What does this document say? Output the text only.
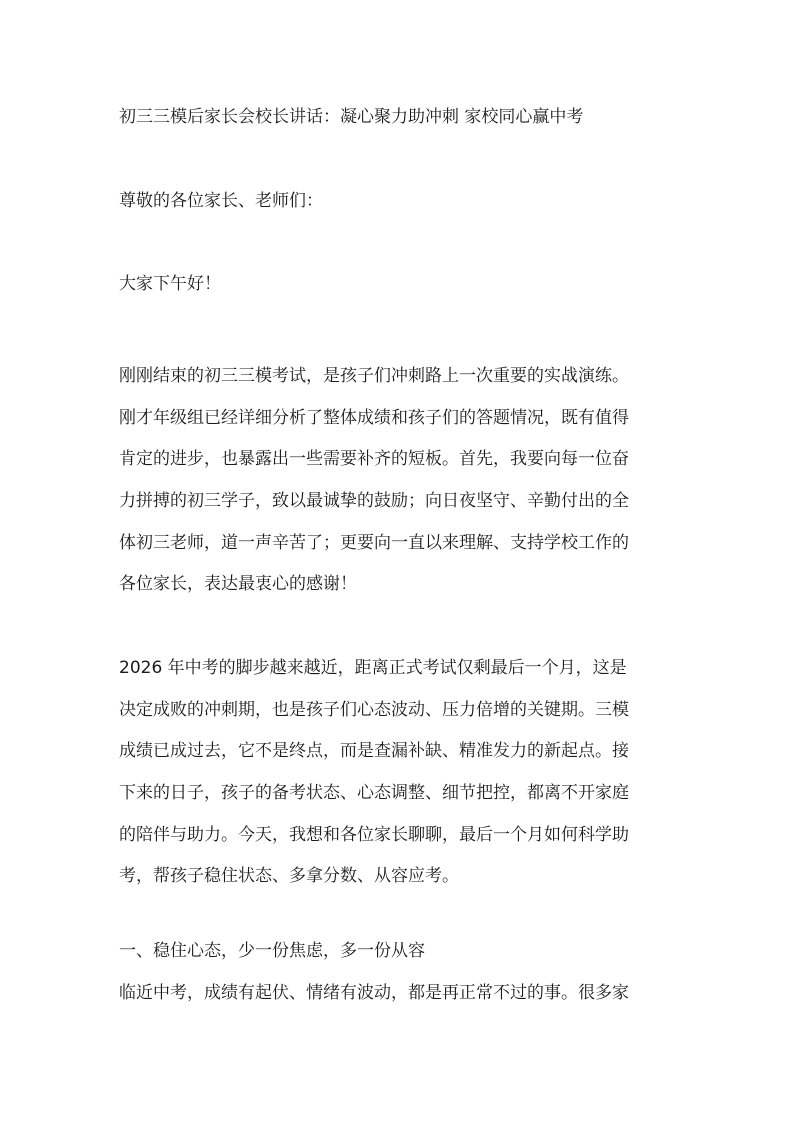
初三三模后家长会校长讲话：凝心聚力助冲刺 家校同心赢中考
尊敬的各位家长、老师们：
大家下午好！
刚刚结束的初三三模考试，是孩子们冲刺路上一次重要的实战演练。
刚才年级组已经详细分析了整体成绩和孩子们的答题情况，既有值得
肯定的进步，也暴露出一些需要补齐的短板。首先，我要向每一位奋
力拼搏的初三学子，致以最诚挚的鼓励；向日夜坚守、辛勤付出的全
体初三老师，道一声辛苦了；更要向一直以来理解、支持学校工作的
各位家长，表达最衷心的感谢！
2026 年中考的脚步越来越近，距离正式考试仅剩最后一个月，这是
决定成败的冲刺期，也是孩子们心态波动、压力倍增的关键期。三模
成绩已成过去，它不是终点，而是查漏补缺、精准发力的新起点。接
下来的日子，孩子的备考状态、心态调整、细节把控，都离不开家庭
的陪伴与助力。今天，我想和各位家长聊聊，最后一个月如何科学助
考，帮孩子稳住状态、多拿分数、从容应考。
一、稳住心态，少一份焦虑，多一份从容
临近中考，成绩有起伏、情绪有波动，都是再正常不过的事。很多家
